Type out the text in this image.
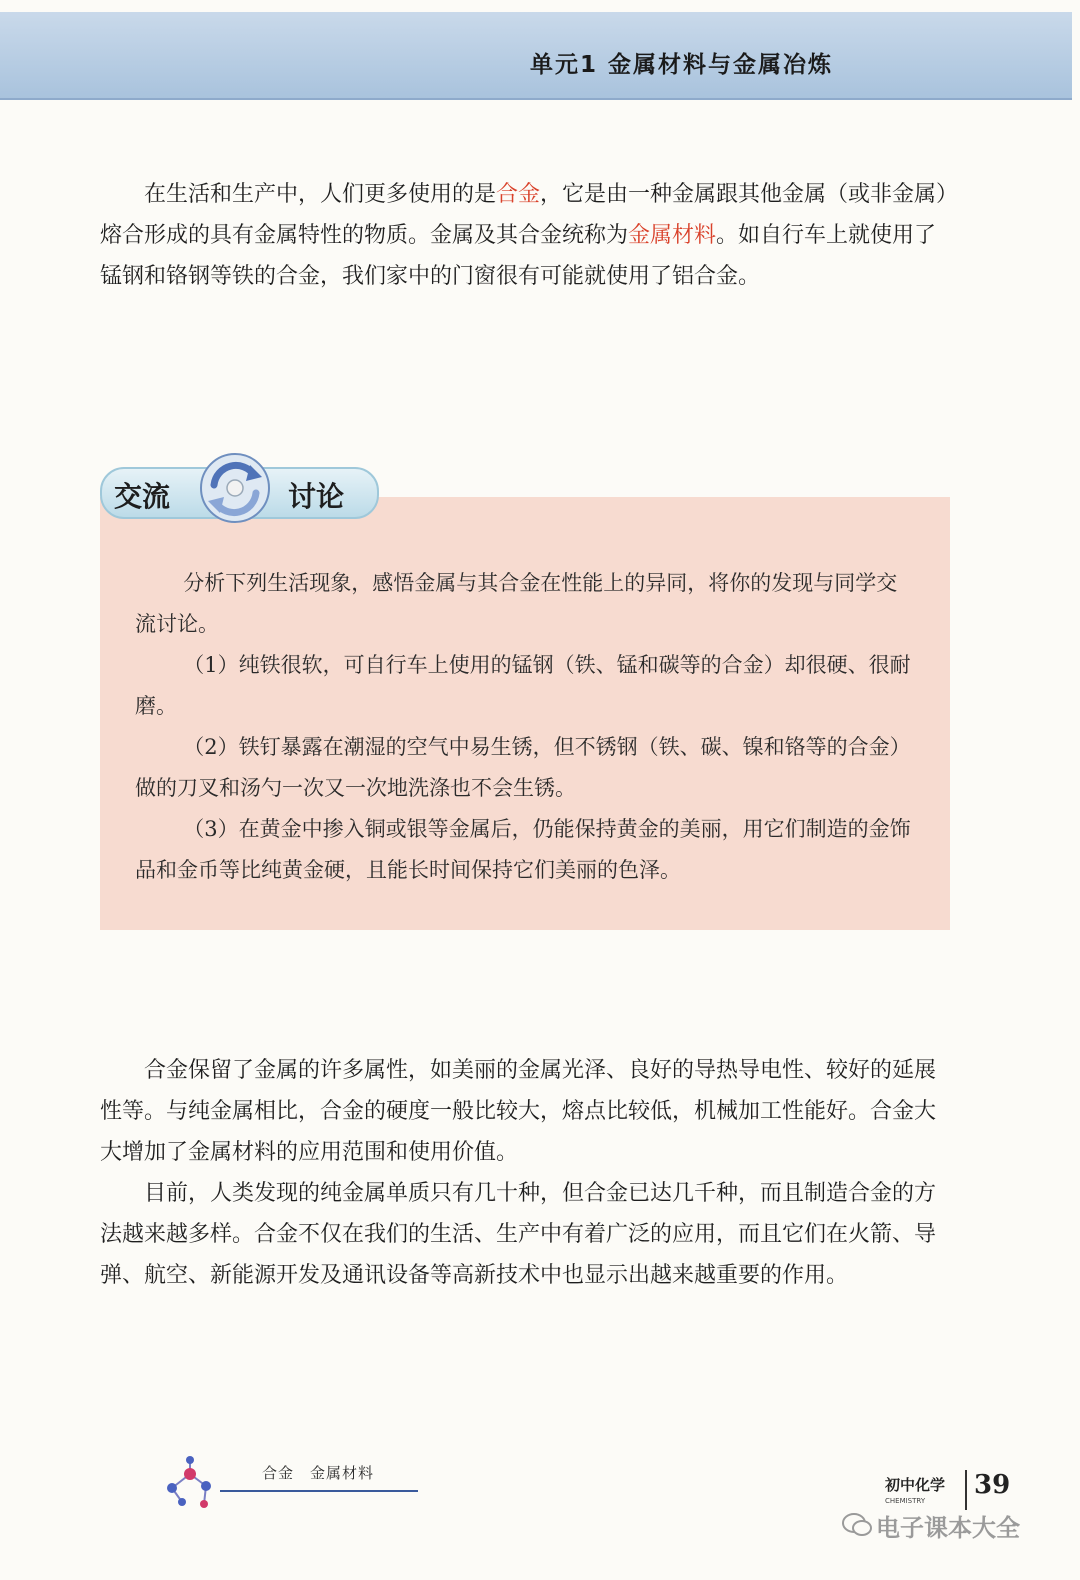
单元1 金属材料与金属冶炼

在生活和生产中，人们更多使用的是合金，它是由一种金属跟其他金属（或非金属）熔合形成的具有金属特性的物质。金属及其合金统称为金属材料。如自行车上就使用了锰钢和铬钢等铁的合金，我们家中的门窗很有可能就使用了铝合金。

交流	讨论

分析下列生活现象，感悟金属与其合金在性能上的异同，将你的发现与同学交流讨论。

（1）纯铁很软，可自行车上使用的锰钢（铁、锰和碳等的合金）却很硬、很耐磨。

（2）铁钉暴露在潮湿的空气中易生锈，但不锈钢（铁、碳、镍和铬等的合金）做的刀叉和汤勺一次又一次地洗涤也不会生锈。

（3）在黄金中掺入铜或银等金属后，仍能保持黄金的美丽，用它们制造的金饰品和金币等比纯黄金硬，且能长时间保持它们美丽的色泽。

合金保留了金属的许多属性，如美丽的金属光泽、良好的导热导电性、较好的延展性等。与纯金属相比，合金的硬度一般比较大，熔点比较低，机械加工性能好。合金大大增加了金属材料的应用范围和使用价值。

目前，人类发现的纯金属单质只有几十种，但合金已达几千种，而且制造合金的方法越来越多样。合金不仅在我们的生活、生产中有着广泛的应用，而且它们在火箭、导弹、航空、新能源开发及通讯设备等高新技术中也显示出越来越重要的作用。

合金 金属材料
初中化学
CHEMISTRY
39
电子课本大全
